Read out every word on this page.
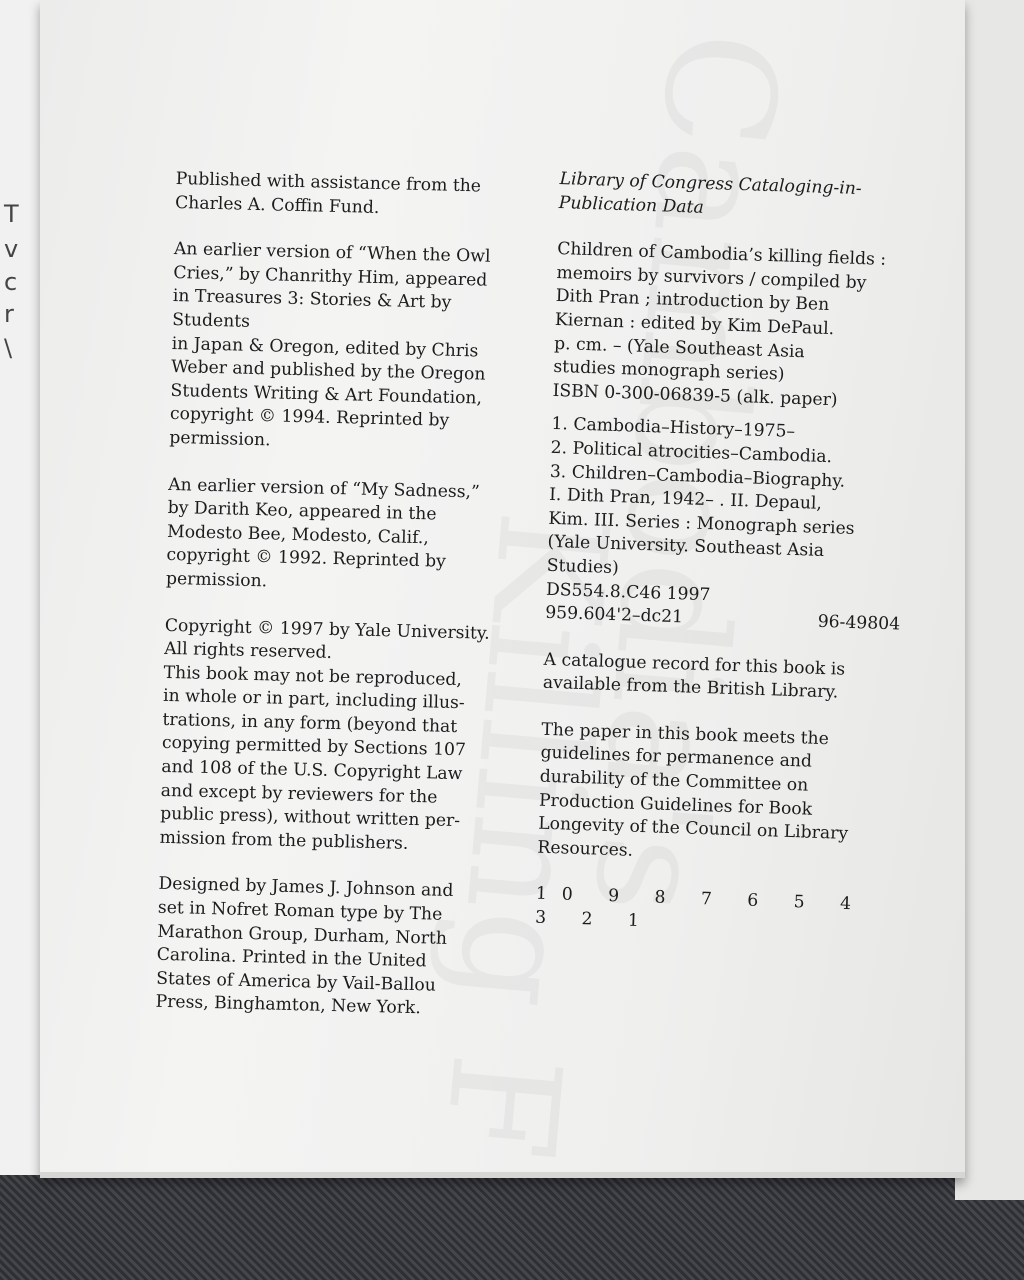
T
v
c
r
\

Published with assistance from the
Charles A. Coffin Fund.

An earlier version of “When the Owl
Cries,” by Chanrithy Him, appeared
in Treasures 3: Stories & Art by Students
in Japan & Oregon, edited by Chris
Weber and published by the Oregon
Students Writing & Art Foundation,
copyright © 1994. Reprinted by
permission.

An earlier version of “My Sadness,”
by Darith Keo, appeared in the
Modesto Bee, Modesto, Calif.,
copyright © 1992. Reprinted by
permission.

Copyright © 1997 by Yale University.
All rights reserved.
This book may not be reproduced,
in whole or in part, including illus-
trations, in any form (beyond that
copying permitted by Sections 107
and 108 of the U.S. Copyright Law
and except by reviewers for the
public press), without written per-
mission from the publishers.

Designed by James J. Johnson and
set in Nofret Roman type by The
Marathon Group, Durham, North
Carolina. Printed in the United
States of America by Vail-Ballou
Press, Binghamton, New York.

Library of Congress Cataloging-in-
Publication Data

Children of Cambodia’s killing fields :
memoirs by survivors / compiled by
Dith Pran ; introduction by Ben
Kiernan : edited by Kim DePaul.
p. cm. – (Yale Southeast Asia
studies monograph series)
ISBN 0-300-06839-5 (alk. paper)

1. Cambodia–History–1975–
2. Political atrocities–Cambodia.
3. Children–Cambodia–Biography.
I. Dith Pran, 1942– . II. Depaul,
Kim. III. Series : Monograph series
(Yale University. Southeast Asia
Studies)

DS554.8.C46 1997

959.604'2–dc21	96-49804

A catalogue record for this book is
available from the British Library.

The paper in this book meets the
guidelines for permanence and
durability of the Committee on
Production Guidelines for Book
Longevity of the Council on Library
Resources.

10 9 8 7 6 5 4 3 2 1
